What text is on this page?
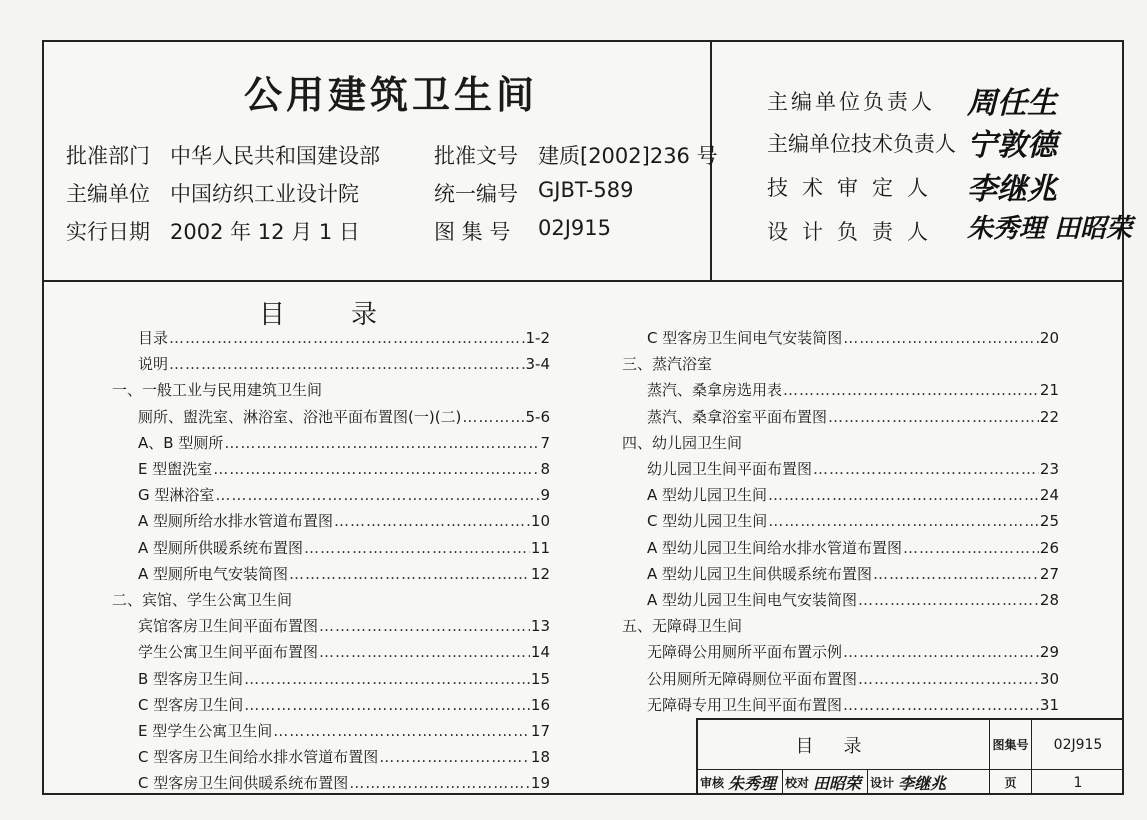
公用建筑卫生间
批准部门 中华人民共和国建设部	批准文号 建质[2002]236 号
主编单位 中国纺织工业设计院	统一编号 GJBT-589
实行日期 2002 年 12 月 1 日	图 集 号 02J915
主编单位负责人 周任生
主编单位技术负责人 宁敦德
技术审定人 李继兆
设计负责人 朱秀理 田昭荣
目 录
目录 ……………………………………………………………………………………………………………………………………………………………………	1-2
说明 ……………………………………………………………………………………………………………………………………………………………………	3-4
一、一般工业与民用建筑卫生间
厕所、盥洗室、淋浴室、浴池平面布置图(一)(二) ……………………………………………………………………………………………………………………………………………………………………	5-6
A、B 型厕所 ……………………………………………………………………………………………………………………………………………………………………	7
E 型盥洗室 ……………………………………………………………………………………………………………………………………………………………………	8
G 型淋浴室 ……………………………………………………………………………………………………………………………………………………………………	9
A 型厕所给水排水管道布置图 ……………………………………………………………………………………………………………………………………………………………………	10
A 型厕所供暖系统布置图 ……………………………………………………………………………………………………………………………………………………………………	11
A 型厕所电气安装简图 ……………………………………………………………………………………………………………………………………………………………………	12
二、宾馆、学生公寓卫生间
宾馆客房卫生间平面布置图 ……………………………………………………………………………………………………………………………………………………………………	13
学生公寓卫生间平面布置图 ……………………………………………………………………………………………………………………………………………………………………	14
B 型客房卫生间 ……………………………………………………………………………………………………………………………………………………………………	15
C 型客房卫生间 ……………………………………………………………………………………………………………………………………………………………………	16
E 型学生公寓卫生间 ……………………………………………………………………………………………………………………………………………………………………	17
C 型客房卫生间给水排水管道布置图 ……………………………………………………………………………………………………………………………………………………………………	18
C 型客房卫生间供暖系统布置图 ……………………………………………………………………………………………………………………………………………………………………	19
C 型客房卫生间电气安装简图 ……………………………………………………………………………………………………………………………………………………………………	20
三、蒸汽浴室
蒸汽、桑拿房选用表 ……………………………………………………………………………………………………………………………………………………………………	21
蒸汽、桑拿浴室平面布置图 ……………………………………………………………………………………………………………………………………………………………………	22
四、幼儿园卫生间
幼儿园卫生间平面布置图 ……………………………………………………………………………………………………………………………………………………………………	23
A 型幼儿园卫生间 ……………………………………………………………………………………………………………………………………………………………………	24
C 型幼儿园卫生间 ……………………………………………………………………………………………………………………………………………………………………	25
A 型幼儿园卫生间给水排水管道布置图 ……………………………………………………………………………………………………………………………………………………………………	26
A 型幼儿园卫生间供暖系统布置图 ……………………………………………………………………………………………………………………………………………………………………	27
A 型幼儿园卫生间电气安装简图 ……………………………………………………………………………………………………………………………………………………………………	28
五、无障碍卫生间
无障碍公用厕所平面布置示例 ……………………………………………………………………………………………………………………………………………………………………	29
公用厕所无障碍厕位平面布置图 ……………………………………………………………………………………………………………………………………………………………………	30
无障碍专用卫生间平面布置图 ……………………………………………………………………………………………………………………………………………………………………	31
目录	图集号	02J915
审核 朱秀理 校对 田昭荣 设计 李继兆	页	1
